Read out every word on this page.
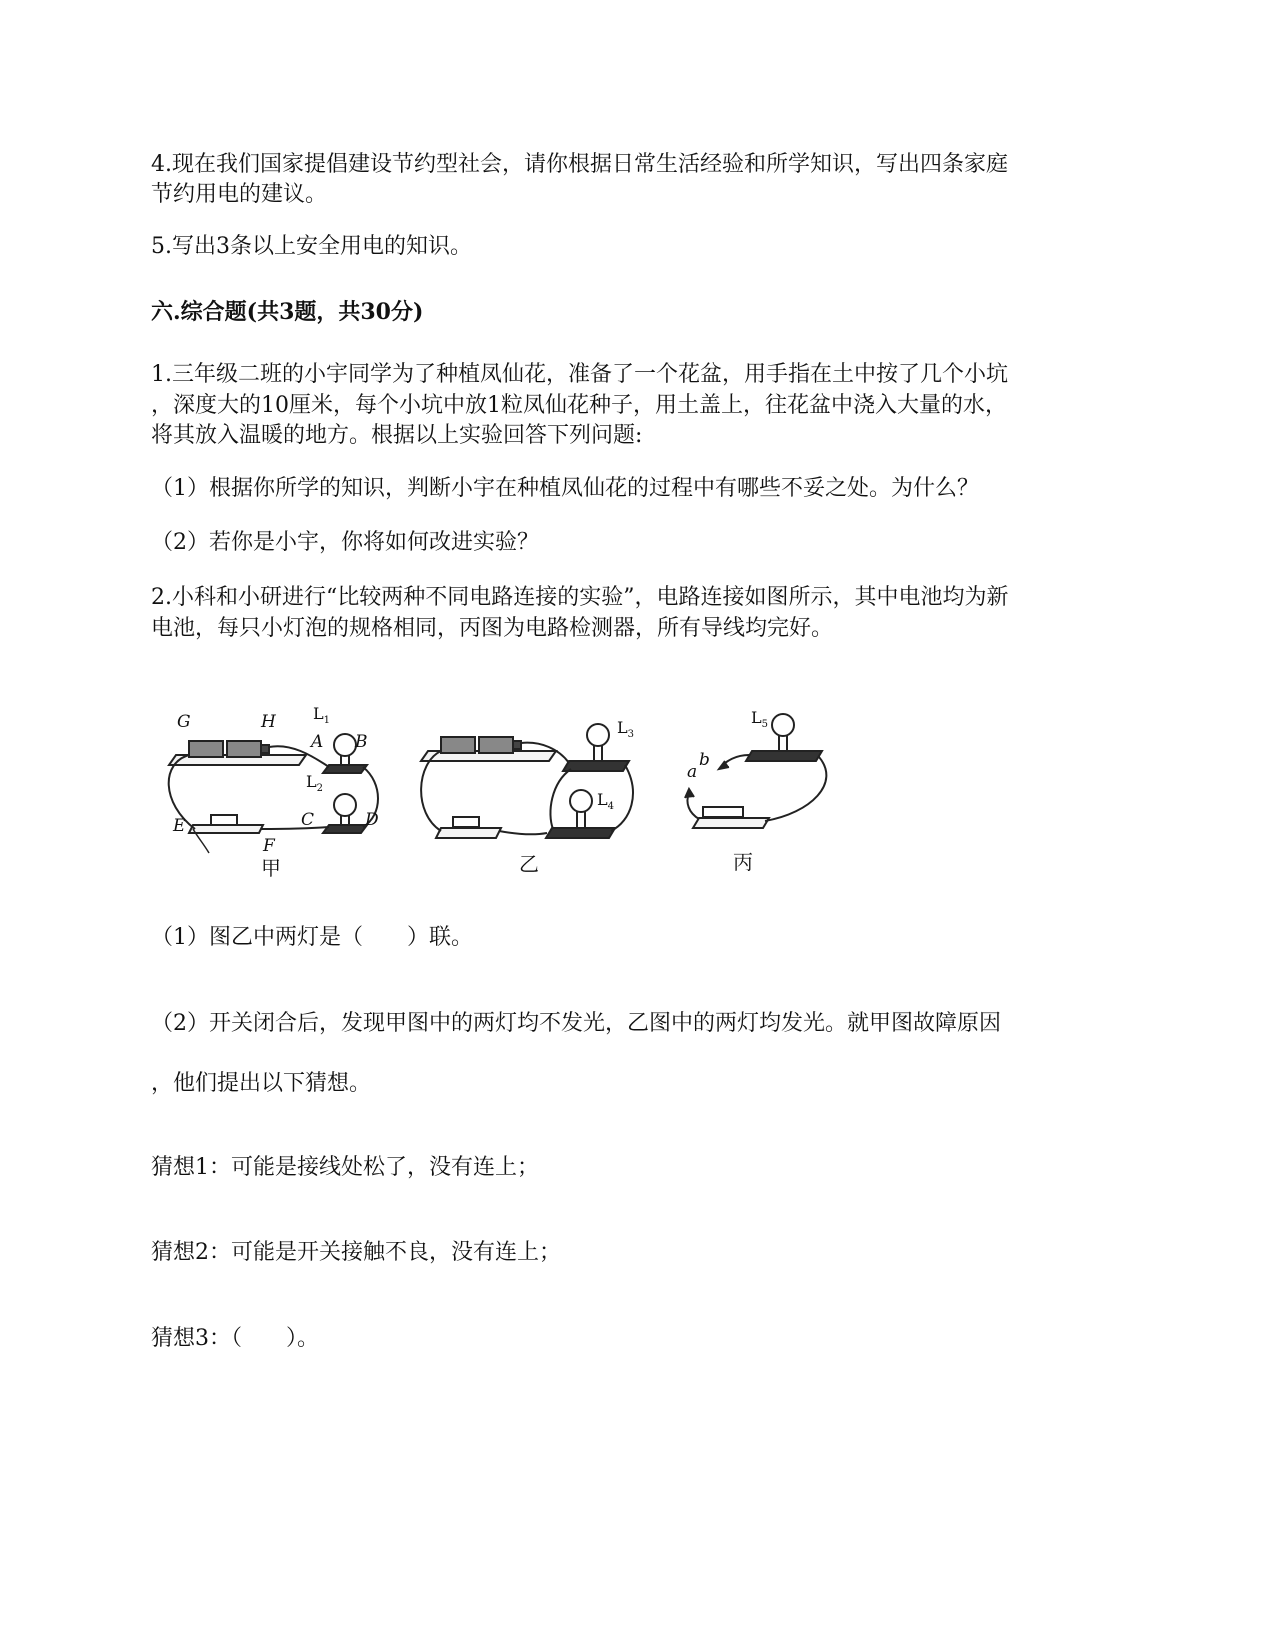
4.现在我们国家提倡建设节约型社会，请你根据日常生活经验和所学知识，写出四条家庭
节约用电的建议。
5.写出3条以上安全用电的知识。
六.综合题(共3题，共30分)
1.三年级二班的小宇同学为了种植凤仙花，准备了一个花盆，用手指在土中按了几个小坑
，深度大的10厘米，每个小坑中放1粒凤仙花种子，用土盖上，往花盆中浇入大量的水，
将其放入温暖的地方。根据以上实验回答下列问题:
（1）根据你所学的知识，判断小宇在种植凤仙花的过程中有哪些不妥之处。为什么？
（2）若你是小宇，你将如何改进实验？
2.小科和小研进行“比较两种不同电路连接的实验”，电路连接如图所示，其中电池均为新
电池，每只小灯泡的规格相同，丙图为电路检测器，所有导线均完好。
G	H
A B
C	D
E
F
a
b
$L_1$
$L_2$
$L_3$
$L_4$
$L_5$
甲	乙	丙
（1）图乙中两灯是（　　）联。
（2）开关闭合后，发现甲图中的两灯均不发光，乙图中的两灯均发光。就甲图故障原因
，他们提出以下猜想。
猜想1：可能是接线处松了，没有连上；
猜想2：可能是开关接触不良，没有连上；
猜想3：（　　）。
